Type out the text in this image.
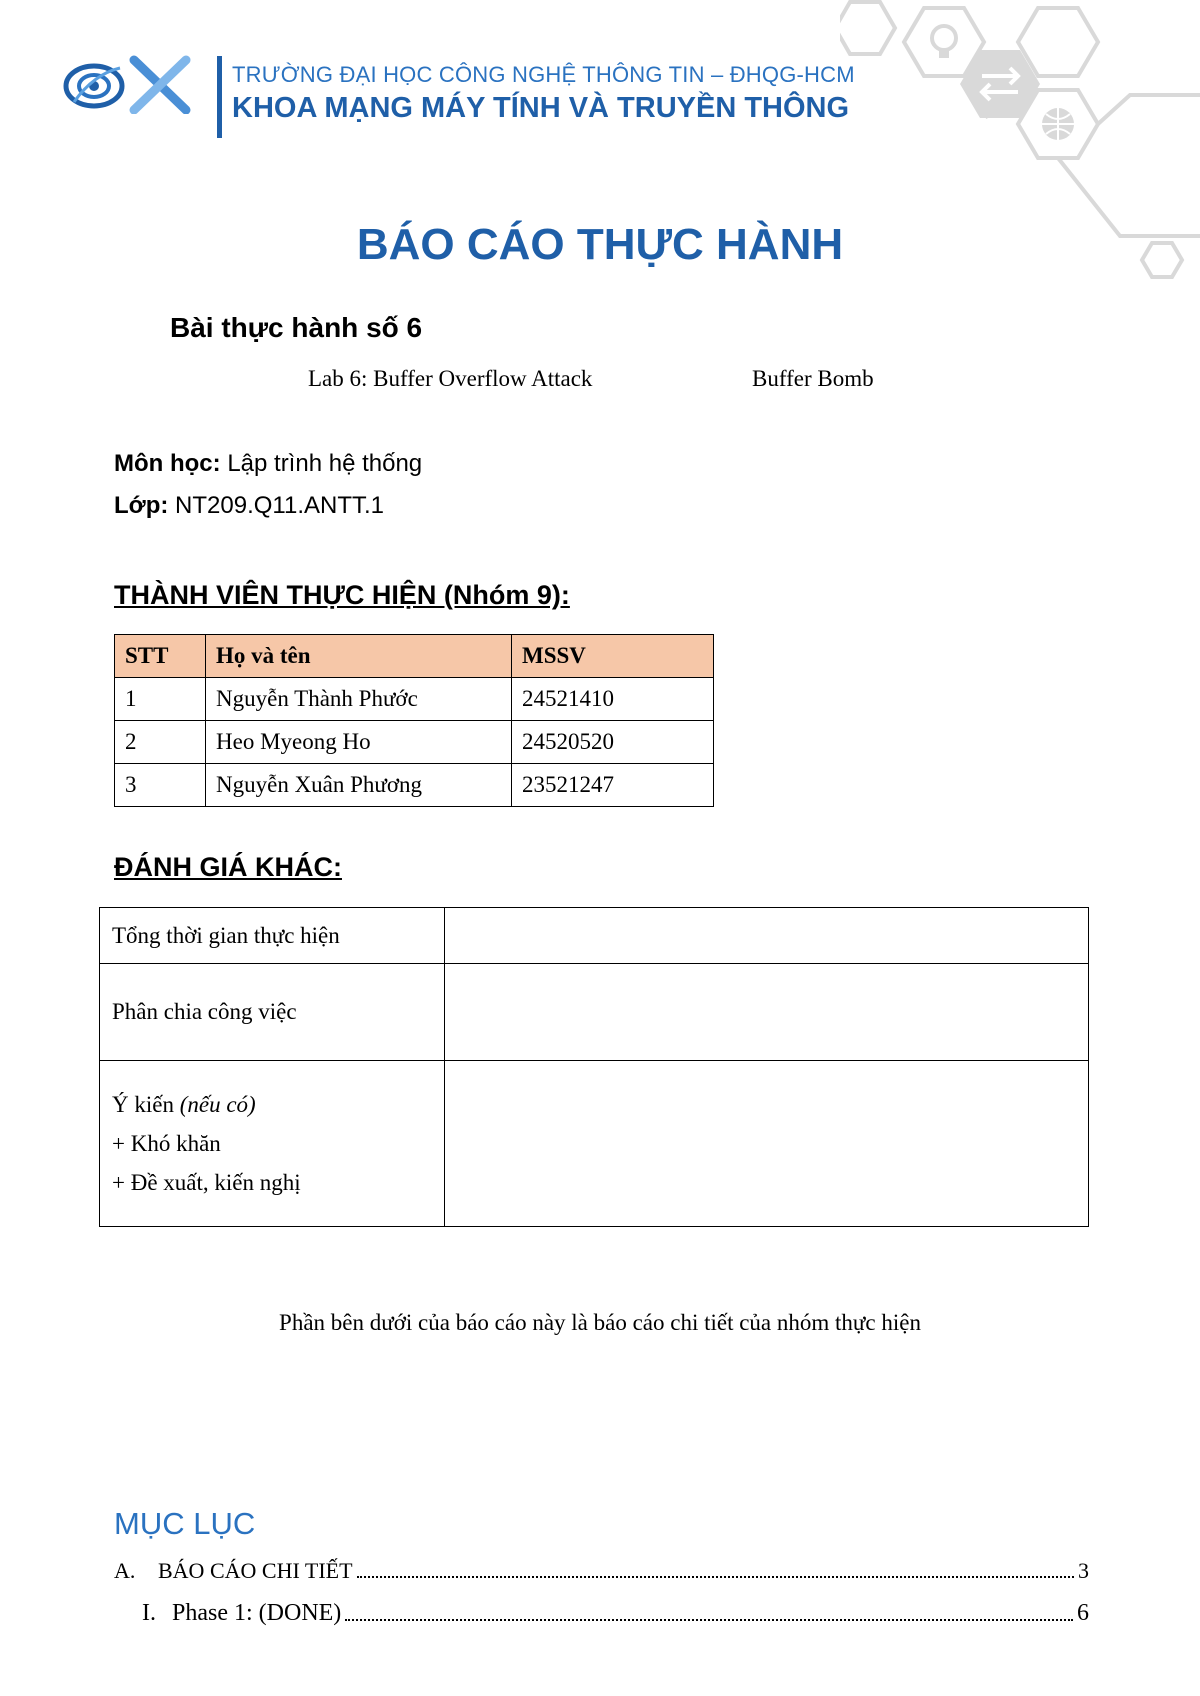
TRƯỜNG ĐẠI HỌC CÔNG NGHỆ THÔNG TIN – ĐHQG-HCM
KHOA MẠNG MÁY TÍNH VÀ TRUYỀN THÔNG
BÁO CÁO THỰC HÀNH
Bài thực hành số 6
Lab 6: Buffer Overflow Attack	Buffer Bomb
Môn học: Lập trình hệ thống
Lớp: NT209.Q11.ANTT.1
THÀNH VIÊN THỰC HIỆN (Nhóm 9):
STT	Họ và tên	MSSV
1	Nguyễn Thành Phước	24521410
2	Heo Myeong Ho	24520520
3	Nguyễn Xuân Phương	23521247
ĐÁNH GIÁ KHÁC:
Tổng thời gian thực hiện	
Phân chia công việc	

Ý kiến (nếu có)
+ Khó khăn
+ Đề xuất, kiến nghị	

Phần bên dưới của báo cáo này là báo cáo chi tiết của nhóm thực hiện
MỤC LỤC
A.	BÁO CÁO CHI TIẾT	3
I. Phase 1: (DONE)	6
